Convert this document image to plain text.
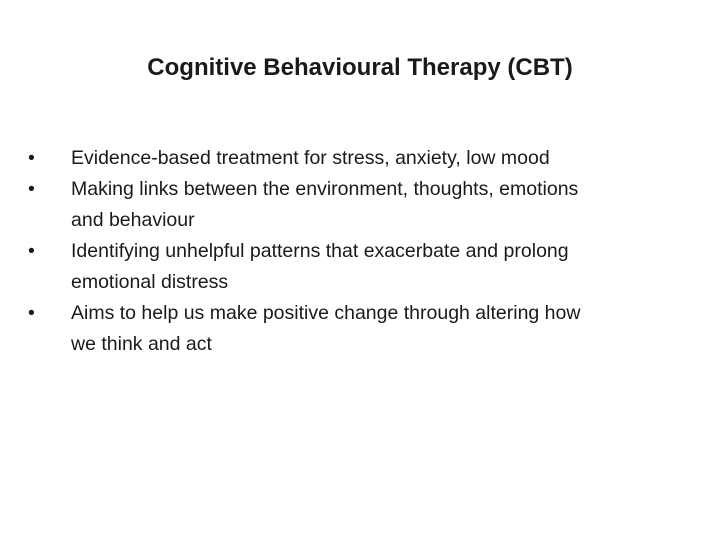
Cognitive Behavioural Therapy (CBT)
•	Evidence-based treatment for stress, anxiety, low mood
•	Making links between the environment, thoughts, emotions
and behaviour
•	Identifying unhelpful patterns that exacerbate and prolong
emotional distress
•	Aims to help us make positive change through altering how
we think and act
